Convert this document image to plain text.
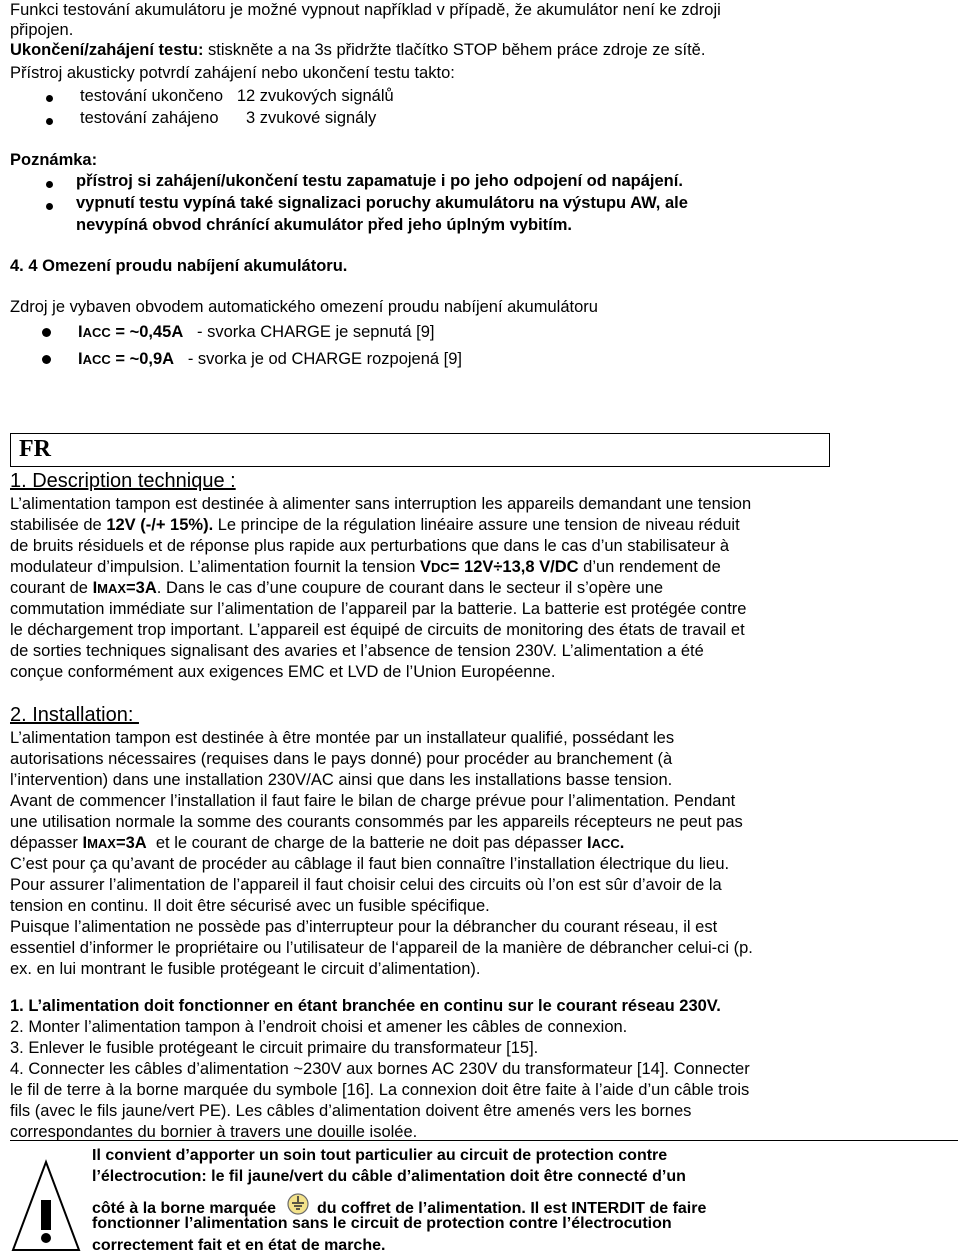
Funkci testování akumulátoru je možné vypnout například v případě, že akumulátor není ke zdroji
připojen.
Ukončení/zahájení testu: stiskněte a na 3s přidržte tlačítko STOP během práce zdroje ze sítě.
Přístroj akusticky potvrdí zahájení nebo ukončení testu takto:
testování ukončeno   12 zvukových signálů
testování zahájeno      3 zvukové signály
Poznámka:
přístroj si zahájení/ukončení testu zapamatuje i po jeho odpojení od napájení.
vypnutí testu vypíná také signalizaci poruchy akumulátoru na výstupu AW, ale
nevypíná obvod chránící akumulátor před jeho úplným vybitím.
4. 4 Omezení proudu nabíjení akumulátoru.
Zdroj je vybaven obvodem automatického omezení proudu nabíjení akumulátoru
IACC = ~0,45A   - svorka CHARGE je sepnutá [9]
IACC = ~0,9A   - svorka je od CHARGE rozpojená [9]
FR
1. Description technique :
L’alimentation tampon est destinée à alimenter sans interruption les appareils demandant une tension
stabilisée de 12V (-/+ 15%). Le principe de la régulation linéaire assure une tension de niveau réduit
de bruits résiduels et de réponse plus rapide aux perturbations que dans le cas d’un stabilisateur à
modulateur d’impulsion. L’alimentation fournit la tension VDC= 12V÷13,8 V/DC d’un rendement de
courant de IMAX=3A. Dans le cas d’une coupure de courant dans le secteur il s’opère une
commutation immédiate sur l’alimentation de l’appareil par la batterie. La batterie est protégée contre
le déchargement trop important. L’appareil est équipé de circuits de monitoring des états de travail et
de sorties techniques signalisant des avaries et l’absence de tension 230V. L’alimentation a été
conçue conformément aux exigences EMC et LVD de l’Union Européenne.
2. Installation:
L’alimentation tampon est destinée à être montée par un installateur qualifié, possédant les
autorisations nécessaires (requises dans le pays donné) pour procéder au branchement (à
l’intervention) dans une installation 230V/AC ainsi que dans les installations basse tension.
Avant de commencer l’installation il faut faire le bilan de charge prévue pour l’alimentation. Pendant
une utilisation normale la somme des courants consommés par les appareils récepteurs ne peut pas
dépasser IMAX=3A  et le courant de charge de la batterie ne doit pas dépasser IACC.
C’est pour ça qu’avant de procéder au câblage il faut bien connaître l’installation électrique du lieu.
Pour assurer l’alimentation de l’appareil il faut choisir celui des circuits où l’on est sûr d’avoir de la
tension en continu. Il doit être sécurisé avec un fusible spécifique.
Puisque l’alimentation ne possède pas d’interrupteur pour la débrancher du courant réseau, il est
essentiel d’informer le propriétaire ou l’utilisateur de l‘appareil de la manière de débrancher celui-ci (p.
ex. en lui montrant le fusible protégeant le circuit d’alimentation).
1. L’alimentation doit fonctionner en étant branchée en continu sur le courant réseau 230V.
2. Monter l’alimentation tampon à l’endroit choisi et amener les câbles de connexion.
3. Enlever le fusible protégeant le circuit primaire du transformateur [15].
4. Connecter les câbles d’alimentation ~230V aux bornes AC 230V du transformateur [14]. Connecter
le fil de terre à la borne marquée du symbole [16]. La connexion doit être faite à l’aide d’un câble trois
fils (avec le fils jaune/vert PE). Les câbles d’alimentation doivent être amenés vers les bornes
correspondantes du bornier à travers une douille isolée.
Il convient d’apporter un soin tout particulier au circuit de protection contre
l’électrocution: le fil jaune/vert du câble d’alimentation doit être connecté d’un
côté à la borne marquée	du coffret de l’alimentation. Il est INTERDIT de faire
fonctionner l’alimentation sans le circuit de protection contre l’électrocution
correctement fait et en état de marche.
